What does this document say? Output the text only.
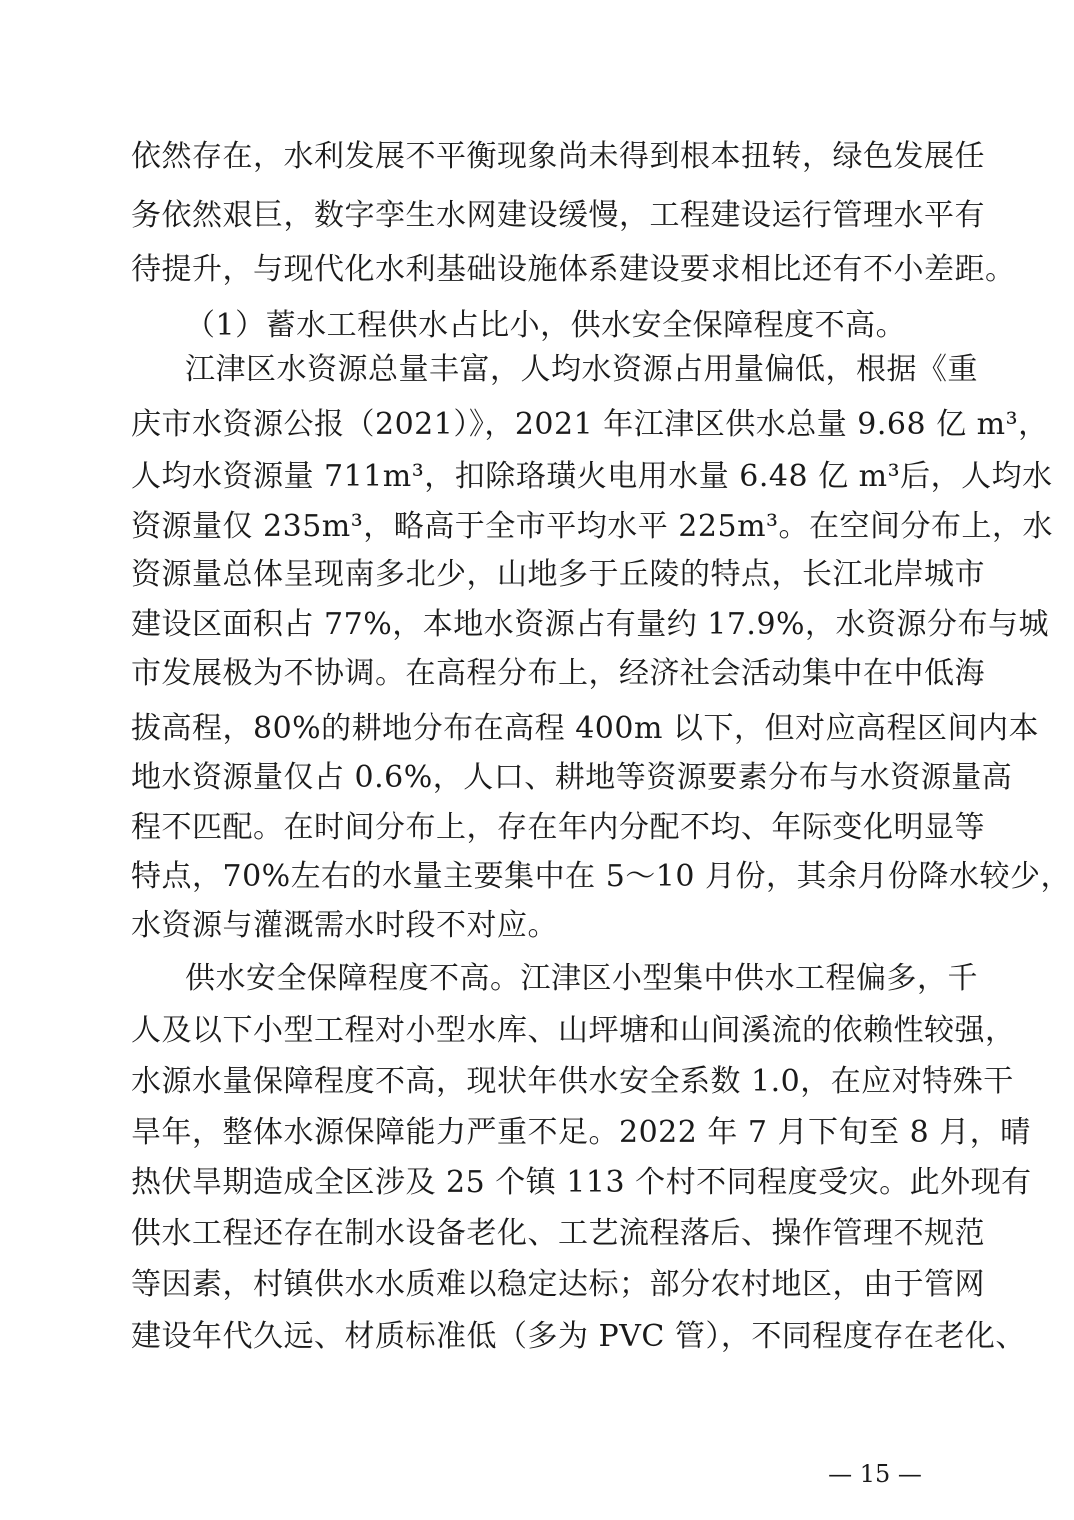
依然存在，水利发展不平衡现象尚未得到根本扭转，绿色发展任
务依然艰巨，数字孪生水网建设缓慢，工程建设运行管理水平有
待提升，与现代化水利基础设施体系建设要求相比还有不小差距。
（1）蓄水工程供水占比小，供水安全保障程度不高。
江津区水资源总量丰富，人均水资源占用量偏低，根据《重
庆市水资源公报（2021）》，2021 年江津区供水总量 9.68 亿 m³，
人均水资源量 711m³，扣除珞璜火电用水量 6.48 亿 m³后，人均水
资源量仅 235m³，略高于全市平均水平 225m³。在空间分布上，水
资源量总体呈现南多北少，山地多于丘陵的特点，长江北岸城市
建设区面积占 77%，本地水资源占有量约 17.9%，水资源分布与城
市发展极为不协调。在高程分布上，经济社会活动集中在中低海
拔高程，80%的耕地分布在高程 400m 以下，但对应高程区间内本
地水资源量仅占 0.6%，人口、耕地等资源要素分布与水资源量高
程不匹配。在时间分布上，存在年内分配不均、年际变化明显等
特点，70%左右的水量主要集中在 5～10 月份，其余月份降水较少，
水资源与灌溉需水时段不对应。
供水安全保障程度不高。江津区小型集中供水工程偏多，千
人及以下小型工程对小型水库、山坪塘和山间溪流的依赖性较强，
水源水量保障程度不高，现状年供水安全系数 1.0，在应对特殊干
旱年，整体水源保障能力严重不足。2022 年 7 月下旬至 8 月，晴
热伏旱期造成全区涉及 25 个镇 113 个村不同程度受灾。此外现有
供水工程还存在制水设备老化、工艺流程落后、操作管理不规范
等因素，村镇供水水质难以稳定达标；部分农村地区，由于管网
建设年代久远、材质标准低（多为 PVC 管），不同程度存在老化、
— 15 —
